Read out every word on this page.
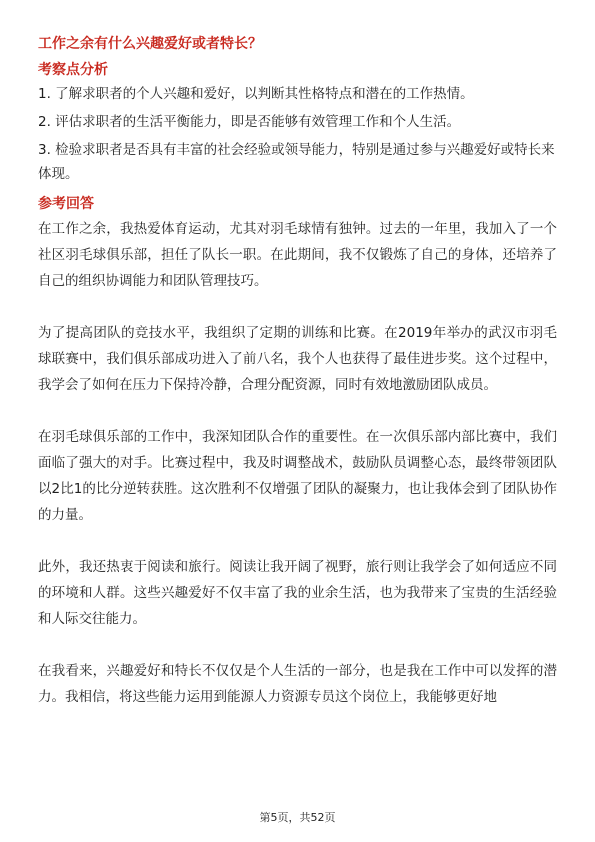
工作之余有什么兴趣爱好或者特长？
考察点分析
1. 了解求职者的个人兴趣和爱好，以判断其性格特点和潜在的工作热情。
2. 评估求职者的生活平衡能力，即是否能够有效管理工作和个人生活。
3. 检验求职者是否具有丰富的社会经验或领导能力，特别是通过参与兴趣爱好或特长来体现。
参考回答

在工作之余，我热爱体育运动，尤其对羽毛球情有独钟。过去的一年里，我加入了一个社区羽毛球俱乐部，担任了队长一职。在此期间，我不仅锻炼了自己的身体，还培养了自己的组织协调能力和团队管理技巧。

为了提高团队的竞技水平，我组织了定期的训练和比赛。在2019年举办的武汉市羽毛球联赛中，我们俱乐部成功进入了前八名，我个人也获得了最佳进步奖。这个过程中，我学会了如何在压力下保持冷静，合理分配资源，同时有效地激励团队成员。

在羽毛球俱乐部的工作中，我深知团队合作的重要性。在一次俱乐部内部比赛中，我们面临了强大的对手。比赛过程中，我及时调整战术，鼓励队员调整心态，最终带领团队以2比1的比分逆转获胜。这次胜利不仅增强了团队的凝聚力，也让我体会到了团队协作的力量。

此外，我还热衷于阅读和旅行。阅读让我开阔了视野，旅行则让我学会了如何适应不同的环境和人群。这些兴趣爱好不仅丰富了我的业余生活，也为我带来了宝贵的生活经验和人际交往能力。

在我看来，兴趣爱好和特长不仅仅是个人生活的一部分，也是我在工作中可以发挥的潜力。我相信，将这些能力运用到能源人力资源专员这个岗位上，我能够更好地

第5页，共52页
